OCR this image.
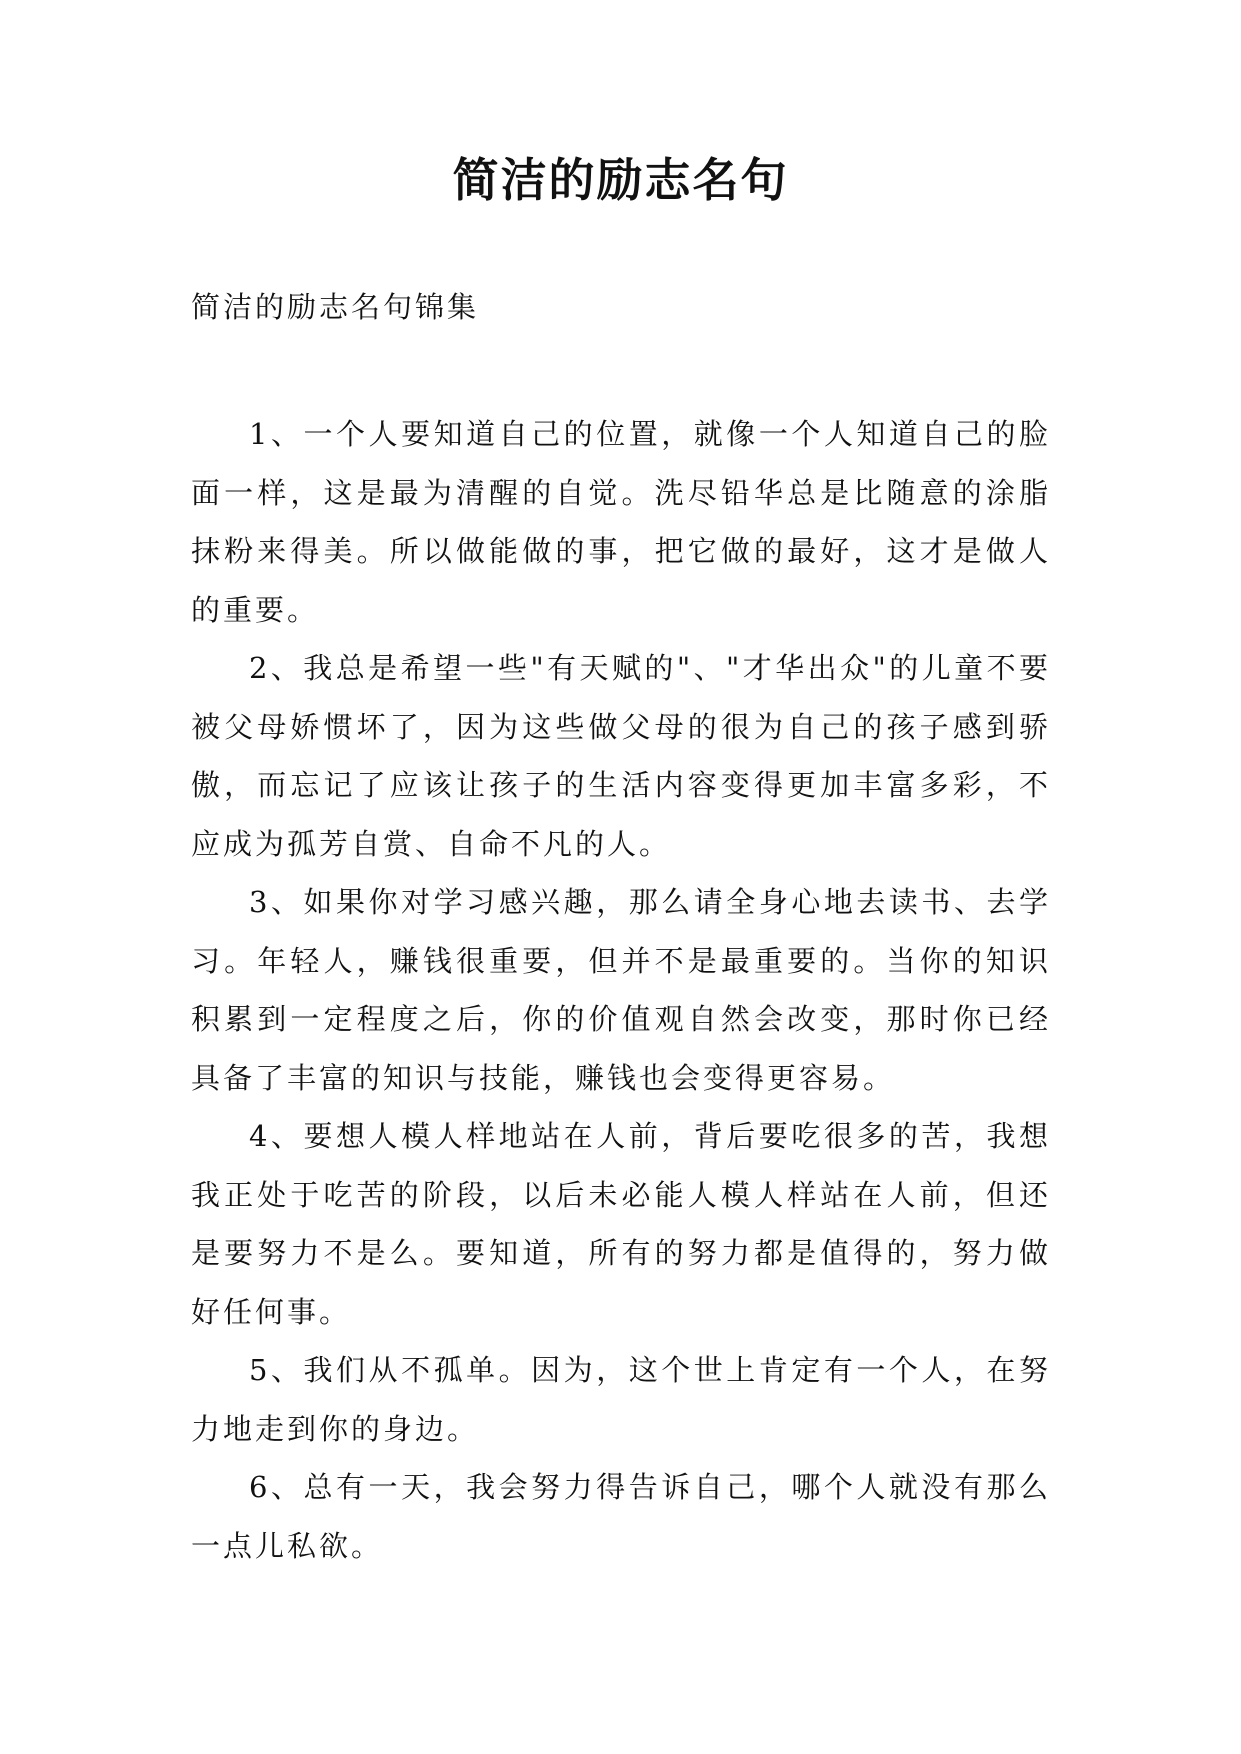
简洁的励志名句
简洁的励志名句锦集

1、一个人要知道自己的位置，就像一个人知道自己的脸面一样，这是最为清醒的自觉。洗尽铅华总是比随意的涂脂抹粉来得美。所以做能做的事，把它做的最好，这才是做人的重要。

2、我总是希望一些"有天赋的"、"才华出众"的儿童不要被父母娇惯坏了，因为这些做父母的很为自己的孩子感到骄傲，而忘记了应该让孩子的生活内容变得更加丰富多彩，不应成为孤芳自赏、自命不凡的人。

3、如果你对学习感兴趣，那么请全身心地去读书、去学习。年轻人，赚钱很重要，但并不是最重要的。当你的知识积累到一定程度之后，你的价值观自然会改变，那时你已经具备了丰富的知识与技能，赚钱也会变得更容易。

4、要想人模人样地站在人前，背后要吃很多的苦，我想我正处于吃苦的阶段，以后未必能人模人样站在人前，但还是要努力不是么。要知道，所有的努力都是值得的，努力做好任何事。

5、我们从不孤单。因为，这个世上肯定有一个人，在努力地走到你的身边。

6、总有一天，我会努力得告诉自己，哪个人就没有那么一点儿私欲。
